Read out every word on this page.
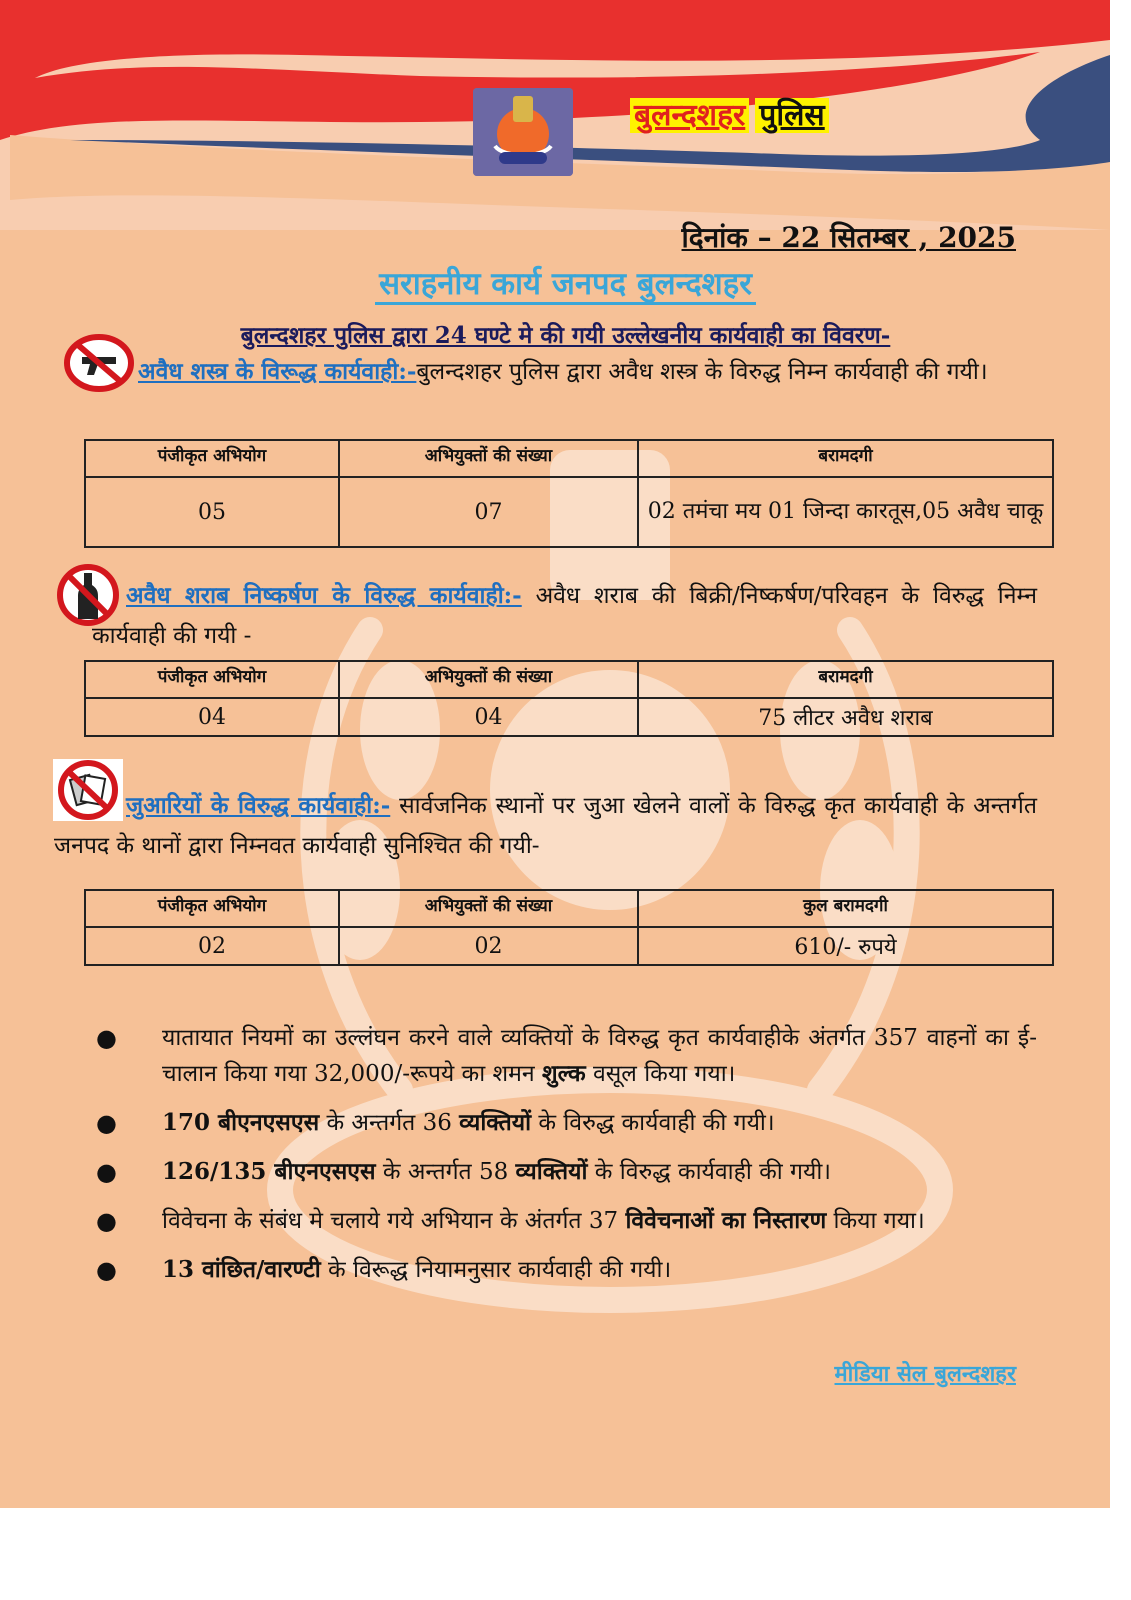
बुलन्दशहर पुलिस
दिनांक – 22 सितम्बर , 2025
सराहनीय कार्य जनपद बुलन्दशहर
बुलन्दशहर पुलिस द्वारा 24 घण्टे मे की गयी उल्लेखनीय कार्यवाही का विवरण-
अवैध शस्त्र के विरूद्ध कार्यवाही:-बुलन्दशहर पुलिस द्वारा अवैध शस्त्र के विरुद्ध निम्न कार्यवाही की गयी।
पंजीकृत अभियोग	अभियुक्तों की संख्या	बरामदगी
05	07	02 तमंचा मय 01 जिन्दा कारतूस,05 अवैध चाकू
अवैध शराब निष्कर्षण के विरुद्ध कार्यवाही:- अवैध शराब की बिक्री/निष्कर्षण/परिवहन के विरुद्ध निम्न कार्यवाही की गयी -
पंजीकृत अभियोग	अभियुक्तों की संख्या	बरामदगी
04	04	75 लीटर अवैध शराब
जुआरियों के विरुद्ध कार्यवाही:- सार्वजनिक स्थानों पर जुआ खेलने वालों के विरुद्ध कृत कार्यवाही के अन्तर्गत जनपद के थानों द्वारा निम्नवत कार्यवाही सुनिश्चित की गयी-
पंजीकृत अभियोग	अभियुक्तों की संख्या	कुल बरामदगी
02	02	610/- रुपये
● यातायात नियमों का उल्लंघन करने वाले व्यक्तियों के विरुद्ध कृत कार्यवाहीके अंतर्गत 357 वाहनों का ई-चालान किया गया 32,000/-रूपये का शमन शुल्क वसूल किया गया।
● 170 बीएनएसएस के अन्तर्गत 36 व्यक्तियों के विरुद्ध कार्यवाही की गयी।
● 126/135 बीएनएसएस के अन्तर्गत 58 व्यक्तियों के विरुद्ध कार्यवाही की गयी।
● विवेचना के संबंध मे चलाये गये अभियान के अंतर्गत 37 विवेचनाओं का निस्तारण किया गया।
● 13 वांछित/वारण्टी के विरूद्ध नियामनुसार कार्यवाही की गयी।
मीडिया सेल बुलन्दशहर
